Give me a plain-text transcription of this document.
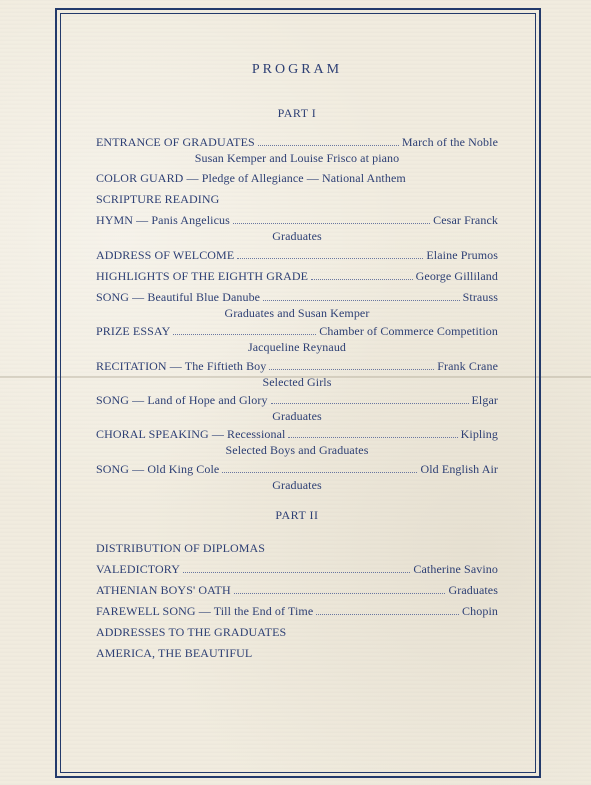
PROGRAM
PART I
ENTRANCE OF GRADUATES	March of the Noble
Susan Kemper and Louise Frisco at piano
COLOR GUARD — Pledge of Allegiance — National Anthem
SCRIPTURE READING
HYMN — Panis Angelicus	Cesar Franck
Graduates
ADDRESS OF WELCOME	Elaine Prumos
HIGHLIGHTS OF THE EIGHTH GRADE	George Gilliland
SONG — Beautiful Blue Danube	Strauss
Graduates and Susan Kemper
PRIZE ESSAY	Chamber of Commerce Competition
Jacqueline Reynaud
RECITATION — The Fiftieth Boy	Frank Crane
Selected Girls
SONG — Land of Hope and Glory	Elgar
Graduates
CHORAL SPEAKING — Recessional	Kipling
Selected Boys and Graduates
SONG — Old King Cole	Old English Air
Graduates
PART II
DISTRIBUTION OF DIPLOMAS
VALEDICTORY	Catherine Savino
ATHENIAN BOYS' OATH	Graduates
FAREWELL SONG — Till the End of Time	Chopin
ADDRESSES TO THE GRADUATES
AMERICA, THE BEAUTIFUL
